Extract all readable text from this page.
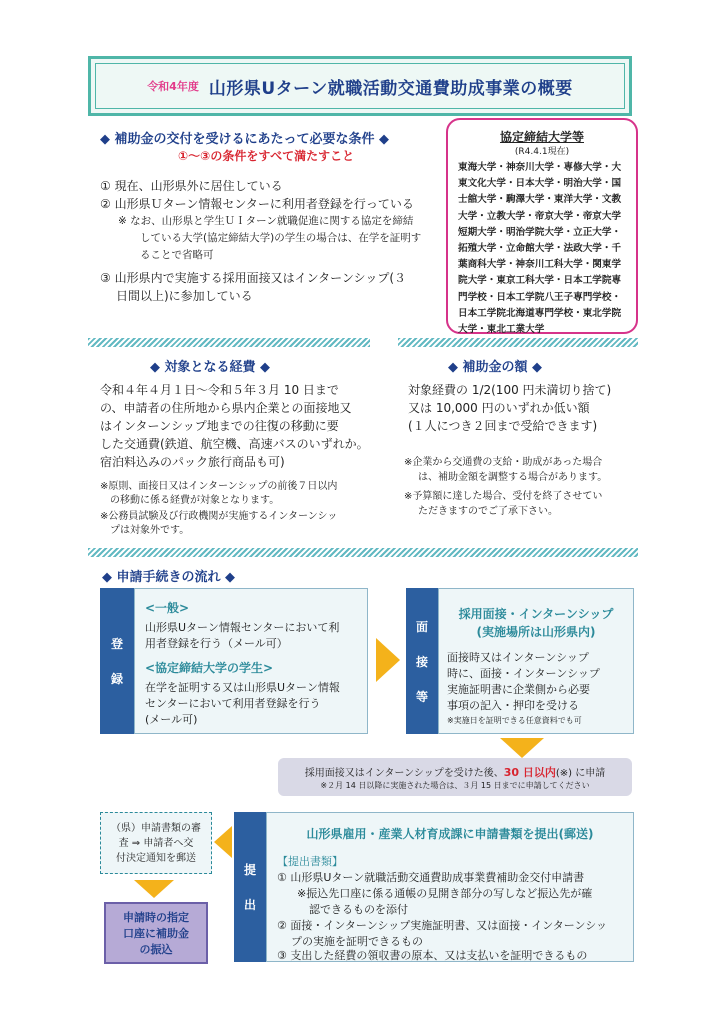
令和4年度 山形県Uターン就職活動交通費助成事業の概要
◆ 補助金の交付を受けるにあたって必要な条件 ◆
①～③の条件をすべて満たすこと
① 現在、山形県外に居住している
② 山形県Ｕターン情報センターに利用者登録を行っている
※ なお、山形県と学生ＵＩターン就職促進に関する協定を締結
している大学(協定締結大学)の学生の場合は、在学を証明す
ることで省略可
③ 山形県内で実施する採用面接又はインターンシップ(３
日間以上)に参加している
協定締結大学等
(R4.4.1現在)
東海大学・神奈川大学・専修大学・大
東文化大学・日本大学・明治大学・国
士舘大学・駒澤大学・東洋大学・文教
大学・立教大学・帝京大学・帝京大学
短期大学・明治学院大学・立正大学・
拓殖大学・立命館大学・法政大学・千
葉商科大学・神奈川工科大学・関東学
院大学・東京工科大学・日本工学院専
門学校・日本工学院八王子専門学校・
日本工学院北海道専門学校・東北学院
大学・東北工業大学
◆ 対象となる経費 ◆
令和４年４月１日～令和５年３月 10 日まで
の、申請者の住所地から県内企業との面接地又
はインターンシップ地までの往復の移動に要
した交通費(鉄道、航空機、高速バスのいずれか。
宿泊料込みのパック旅行商品も可)
※原則、面接日又はインターンシップの前後７日以内
の移動に係る経費が対象となります。
※公務員試験及び行政機関が実施するインターンシッ
プは対象外です。
◆ 補助金の額 ◆
対象経費の 1/2(100 円未満切り捨て)
又は 10,000 円のいずれか低い額
(１人につき２回まで受給できます)
※企業から交通費の支給・助成があった場合
は、補助金額を調整する場合があります。
※予算額に達した場合、受付を終了させてい
ただきますのでご了承下さい。
◆ 申請手続きの流れ ◆
登
録
<一般>
山形県Uターン情報センターにおいて利
用者登録を行う（メール可）
<協定締結大学の学生>
在学を証明する又は山形県Uターン情報
センターにおいて利用者登録を行う
(メール可)
面
接
等
採用面接・インターンシップ
(実施場所は山形県内)
面接時又はインターンシップ
時に、面接・インターンシップ
実施証明書に企業側から必要
事項の記入・押印を受ける
※実施日を証明できる任意資料でも可
採用面接又はインターンシップを受けた後、30 日以内(※) に申請
※２月 14 日以降に実施された場合は、３月 15 日までに申請してください
提
出
山形県雇用・産業人材育成課に申請書類を提出(郵送)
【提出書類】
① 山形県Uターン就職活動交通費助成事業費補助金交付申請書
※振込先口座に係る通帳の見開き部分の写しなど振込先が確
認できるものを添付
② 面接・インターンシップ実施証明書、又は面接・インターンシッ
プの実施を証明できるもの
③ 支出した経費の領収書の原本、又は支払いを証明できるもの
（県）申請書類の審
査 ⇒ 申請者へ交
付決定通知を郵送
申請時の指定
口座に補助金
の振込
